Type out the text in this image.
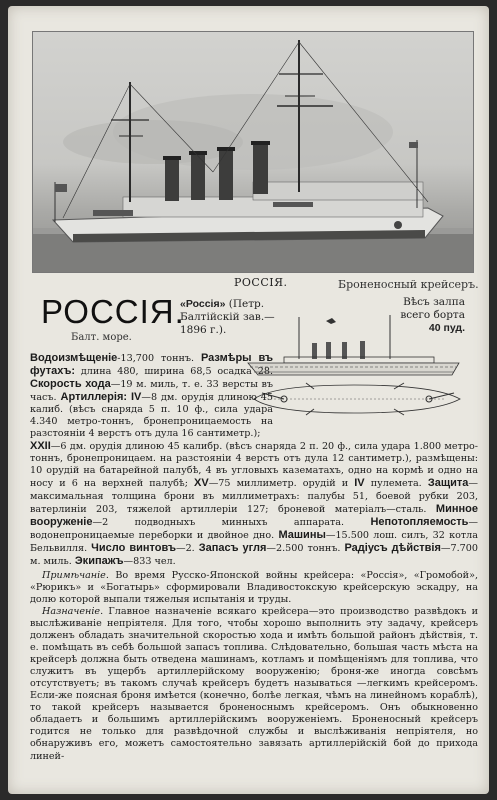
РОССІЯ.	Броненосный крейсеръ.
РОССІЯ.
Балт. море.
«Россія» (Петр. Балтійскій зав.— 1896 г.).
Вѣсъ залпа всего борта
40 пуд.

Водоизмѣщеніе-13,700 тоннъ. Размѣры въ футахъ: длина 480, ширина 68,5 осадка 28. Скорость хода—19 м. миль, т. е. 33 версты въ часъ. Артиллерія: IV—8 дм. орудія длиною 45 калиб. (вѣсъ снаряда 5 п. 10 ф., сила удара 4.340 метро-тоннъ, бронепроницаемость на разстояніи 4 верстъ отъ дула 16 сантиметр.);

XXII—6 дм. орудія длиною 45 калибр. (вѣсъ снаряда 2 п. 20 ф., сила удара 1.800 метро-тоннъ, бронепроницаем. на разстояніи 4 верстъ отъ дула 12 сантиметр.), размѣщены: 10 орудій на батарейной палубѣ, 4 въ угловыхъ казематахъ, одно на кормѣ и одно на носу и 6 на верхней палубѣ; XV—75 миллиметр. орудій и IV пулемета. Защита—максимальная толщина брони въ миллиметрахъ: палубы 51, боевой рубки 203, ватерлиніи 203, тяжелой артиллеріи 127; броневой матеріалъ—сталь. Минное вооруженіе—2 подводныхъ минныхъ аппарата. Непотопляемость—водонепроницаемые переборки и двойное дно. Машины—15.500 лош. силъ, 32 котла Бельвилля. Число винтовъ—2. Запасъ угля—2.500 тоннъ. Радіусъ дѣйствія—7.700 м. миль. Экипажъ—833 чел.

Примѣчаніе. Во время Русско-Японской войны крейсера: «Россія», «Громобой», «Рюрикъ» и «Богатырь» сформировали Владивостокскую крейсерскую эскадру, на долю которой выпали тяжелыя испытанія и труды.

Назначеніе. Главное назначеніе всякаго крейсера—это производство развѣдокъ и выслѣживаніе непріятеля. Для того, чтобы хорошо выполнить эту задачу, крейсеръ долженъ обладать значительной скоростью хода и имѣть большой районъ дѣйствія, т. е. помѣщать въ себѣ большой запасъ топлива. Слѣдовательно, большая часть мѣста на крейсерѣ должна быть отведена машинамъ, котламъ и помѣщеніямъ для топлива, что служитъ въ ущербъ артиллерійскому вооруженію; броня-же иногда совсѣмъ отсутствуетъ; въ такомъ случаѣ крейсеръ будетъ называться —легкимъ крейсеромъ. Если-же поясная броня имѣется (конечно, болѣе легкая, чѣмъ на линейномъ кораблѣ), то такой крейсеръ называется броненоснымъ крейсеромъ. Онъ обыкновенно обладаетъ и большимъ артиллерійскимъ вооруженіемъ. Броненосный крейсеръ годится не только для развѣдочной службы и выслѣживанія непріятеля, но обнаруживъ его, можетъ самостоятельно завязать артиллерійскій бой до прихода линей-
